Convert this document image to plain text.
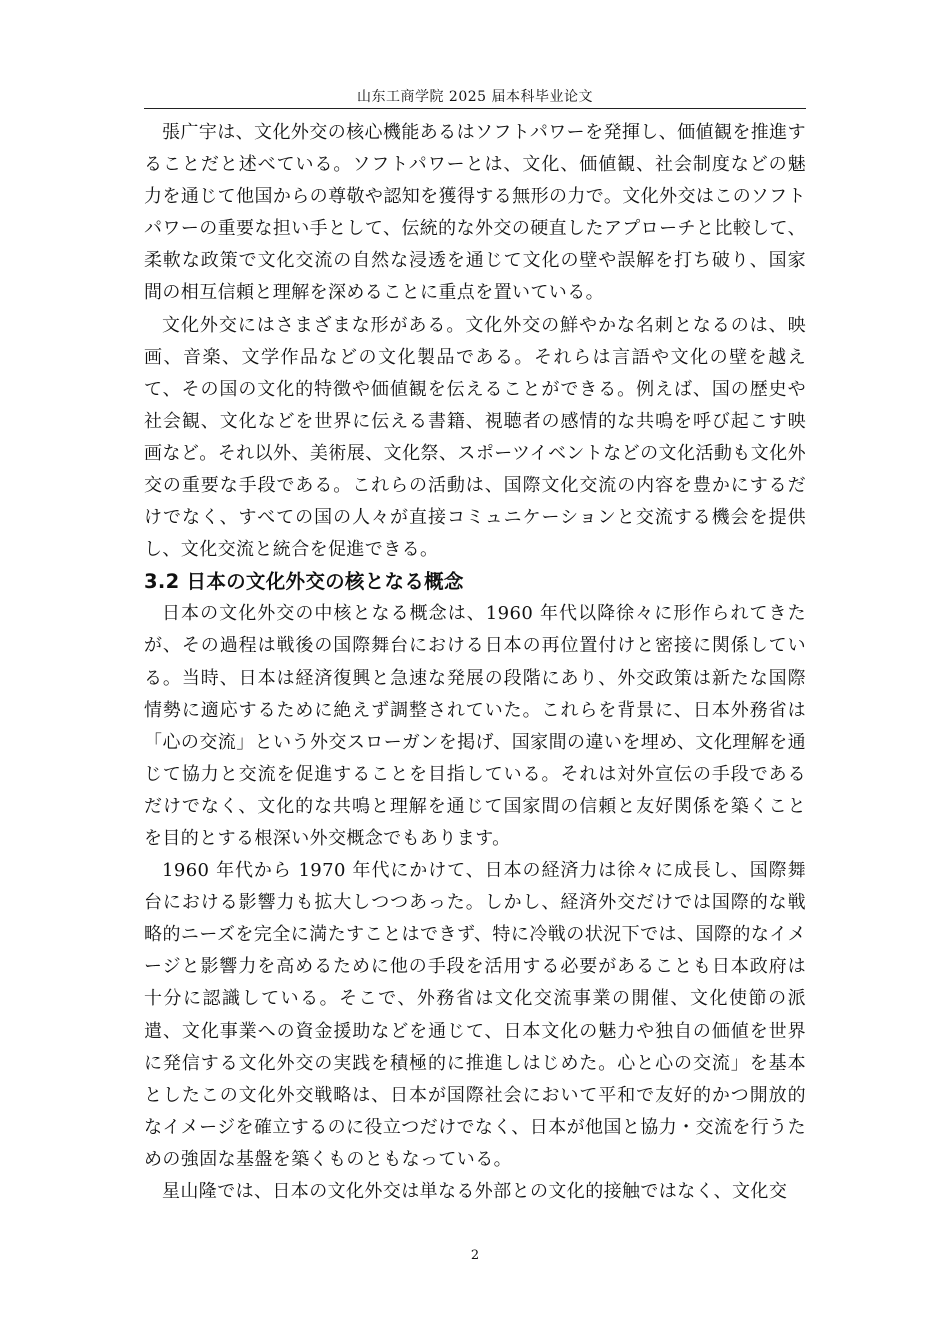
山东工商学院 2025 届本科毕业论文

張广宇は、文化外交の核心機能あるはソフトパワーを発揮し、価値観を推進することだと述べている。ソフトパワーとは、文化、価値観、社会制度などの魅力を通じて他国からの尊敬や認知を獲得する無形の力で。文化外交はこのソフトパワーの重要な担い手として、伝統的な外交の硬直したアプローチと比較して、柔軟な政策で文化交流の自然な浸透を通じて文化の壁や誤解を打ち破り、国家間の相互信頼と理解を深めることに重点を置いている。

文化外交にはさまざまな形がある。文化外交の鮮やかな名刺となるのは、映画、音楽、文学作品などの文化製品である。それらは言語や文化の壁を越えて、その国の文化的特徴や価値観を伝えることができる。例えば、国の歴史や社会観、文化などを世界に伝える書籍、視聴者の感情的な共鳴を呼び起こす映画など。それ以外、美術展、文化祭、スポーツイベントなどの文化活動も文化外交の重要な手段である。これらの活動は、国際文化交流の内容を豊かにするだけでなく、すべての国の人々が直接コミュニケーションと交流する機会を提供し、文化交流と統合を促進できる。

3.2 日本の文化外交の核となる概念

日本の文化外交の中核となる概念は、1960 年代以降徐々に形作られてきたが、その過程は戦後の国際舞台における日本の再位置付けと密接に関係している。当時、日本は経済復興と急速な発展の段階にあり、外交政策は新たな国際情勢に適応するために絶えず調整されていた。これらを背景に、日本外務省は「心の交流」という外交スローガンを掲げ、国家間の違いを埋め、文化理解を通じて協力と交流を促進することを目指している。それは対外宣伝の手段であるだけでなく、文化的な共鳴と理解を通じて国家間の信頼と友好関係を築くことを目的とする根深い外交概念でもあります。

1960 年代から 1970 年代にかけて、日本の経済力は徐々に成長し、国際舞台における影響力も拡大しつつあった。しかし、経済外交だけでは国際的な戦略的ニーズを完全に満たすことはできず、特に冷戦の状況下では、国際的なイメージと影響力を高めるために他の手段を活用する必要があることも日本政府は十分に認識している。そこで、外務省は文化交流事業の開催、文化使節の派遣、文化事業への資金援助などを通じて、日本文化の魅力や独自の価値を世界に発信する文化外交の実践を積極的に推進しはじめた。心と心の交流」を基本としたこの文化外交戦略は、日本が国際社会において平和で友好的かつ開放的なイメージを確立するのに役立つだけでなく、日本が他国と協力・交流を行うための強固な基盤を築くものともなっている。

星山隆では、日本の文化外交は単なる外部との文化的接触ではなく、文化交

2
